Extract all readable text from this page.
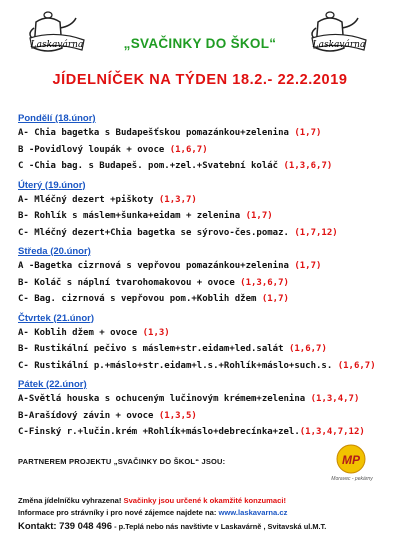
Laskavárna	Laskavárna
„SVAČINKY DO ŠKOL“
JÍDELNÍČEK NA TÝDEN 18.2.- 22.2.2019
Pondělí (18.únor)
A- Chia bagetka s Budapešťskou pomazánkou+zelenina (1,7)
B -Povidlový loupák + ovoce (1,6,7)
C -Chia bag. s Budapeš. pom.+zel.+Svatební koláč (1,3,6,7)
Úterý (19.únor)
A- Mléčný dezert +piškoty (1,3,7)
B- Rohlík s máslem+šunka+eidam + zelenina (1,7)
C- Mléčný dezert+Chia bagetka se sýrovo-čes.pomaz. (1,7,12)
Středa (20.únor)
A -Bagetka cizrnová s vepřovou pomazánkou+zelenina (1,7)
B- Koláč s náplní tvarohomakovou + ovoce (1,3,6,7)
C- Bag. cizrnová s vepřovou pom.+Koblih džem (1,7)
Čtvrtek (21.únor)
A- Koblih džem + ovoce (1,3)
B- Rustikální pečivo s máslem+str.eidam+led.salát (1,6,7)
C- Rustikální p.+máslo+str.eidam+l.s.+Rohlík+máslo+such.s. (1,6,7)
Pátek (22.únor)
A-Světlá houska s ochuceným lučinovým krémem+zelenina (1,3,4,7)
B-Arašídový závin + ovoce (1,3,5)
C-Finský r.+lučin.krém +Rohlík+máslo+debrecínka+zel.(1,3,4,7,12)
PARTNEREM PROJEKTU „SVAČINKY DO ŠKOL“ JSOU:	MP
Moravec - pekárny
Změna jídelníčku vyhrazena! Svačinky jsou určené k okamžité konzumaci!
Informace pro strávníky i pro nové zájemce najdete na: www.laskavarna.cz
Kontakt: 739 048 496 - p.Teplá nebo nás navštivte v Laskavárně , Svitavská ul.M.T.
